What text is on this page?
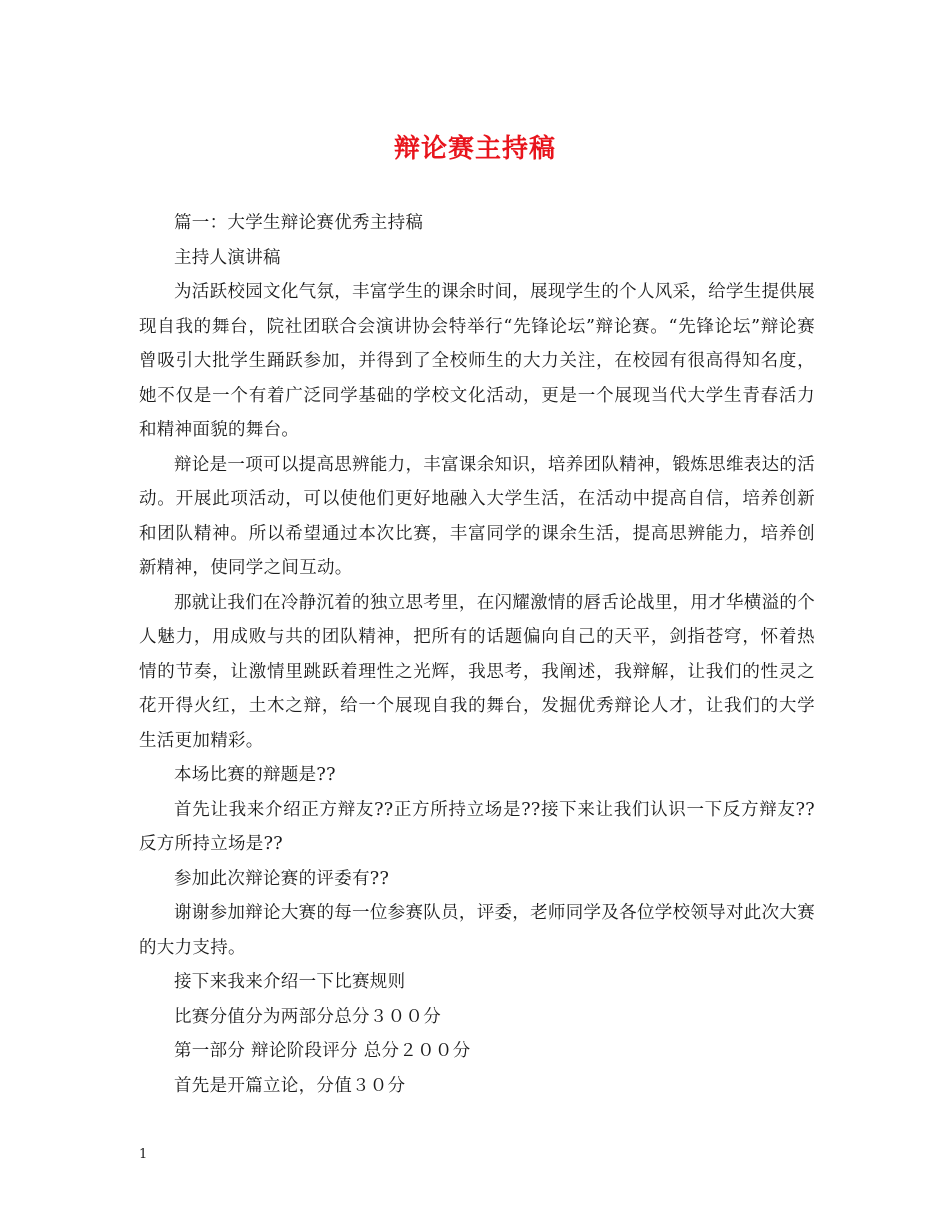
辩论赛主持稿

篇一：大学生辩论赛优秀主持稿

主持人演讲稿

为活跃校园文化气氛，丰富学生的课余时间，展现学生的个人风采，给学生提供展现自我的舞台，院社团联合会演讲协会特举行“先锋论坛”辩论赛。“先锋论坛”辩论赛曾吸引大批学生踊跃参加，并得到了全校师生的大力关注，在校园有很高得知名度，她不仅是一个有着广泛同学基础的学校文化活动，更是一个展现当代大学生青春活力和精神面貌的舞台。

辩论是一项可以提高思辨能力，丰富课余知识，培养团队精神，锻炼思维表达的活动。开展此项活动，可以使他们更好地融入大学生活，在活动中提高自信，培养创新和团队精神。所以希望通过本次比赛，丰富同学的课余生活，提高思辨能力，培养创新精神，使同学之间互动。

那就让我们在冷静沉着的独立思考里，在闪耀激情的唇舌论战里，用才华横溢的个人魅力，用成败与共的团队精神，把所有的话题偏向自己的天平，剑指苍穹，怀着热情的节奏，让激情里跳跃着理性之光辉，我思考，我阐述，我辩解，让我们的性灵之花开得火红，土木之辩，给一个展现自我的舞台，发掘优秀辩论人才，让我们的大学生活更加精彩。

本场比赛的辩题是??

首先让我来介绍正方辩友??正方所持立场是??接下来让我们认识一下反方辩友??反方所持立场是??

参加此次辩论赛的评委有??

谢谢参加辩论大赛的每一位参赛队员，评委，老师同学及各位学校领导对此次大赛的大力支持。

接下来我来介绍一下比赛规则

比赛分值分为两部分总分３００分

第一部分 辩论阶段评分 总分２００分

首先是开篇立论，分值３０分

1
